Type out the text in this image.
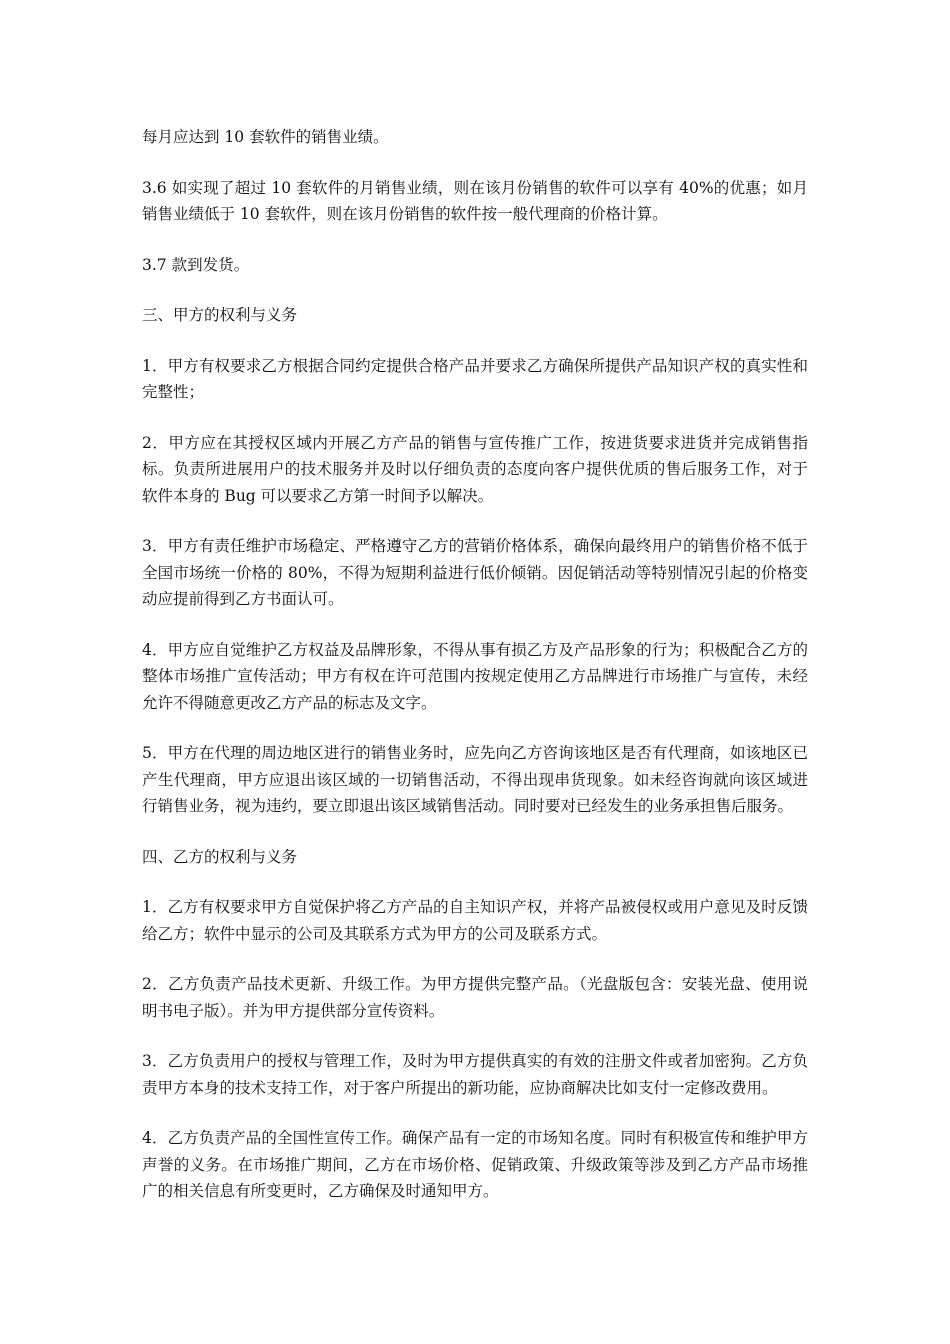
每月应达到 10 套软件的销售业绩。

3.6 如实现了超过 10 套软件的月销售业绩，则在该月份销售的软件可以享有 40%的优惠；如月销售业绩低于 10 套软件，则在该月份销售的软件按一般代理商的价格计算。

3.7 款到发货。

三、甲方的权利与义务

1．甲方有权要求乙方根据合同约定提供合格产品并要求乙方确保所提供产品知识产权的真实性和完整性；

2．甲方应在其授权区域内开展乙方产品的销售与宣传推广工作，按进货要求进货并完成销售指标。负责所进展用户的技术服务并及时以仔细负责的态度向客户提供优质的售后服务工作，对于软件本身的 Bug 可以要求乙方第一时间予以解决。

3．甲方有责任维护市场稳定、严格遵守乙方的营销价格体系，确保向最终用户的销售价格不低于全国市场统一价格的 80%，不得为短期利益进行低价倾销。因促销活动等特别情况引起的价格变动应提前得到乙方书面认可。

4．甲方应自觉维护乙方权益及品牌形象，不得从事有损乙方及产品形象的行为；积极配合乙方的整体市场推广宣传活动；甲方有权在许可范围内按规定使用乙方品牌进行市场推广与宣传，未经允许不得随意更改乙方产品的标志及文字。

5．甲方在代理的周边地区进行的销售业务时，应先向乙方咨询该地区是否有代理商，如该地区已产生代理商，甲方应退出该区域的一切销售活动，不得出现串货现象。如未经咨询就向该区域进行销售业务，视为违约，要立即退出该区域销售活动。同时要对已经发生的业务承担售后服务。

四、乙方的权利与义务

1．乙方有权要求甲方自觉保护将乙方产品的自主知识产权，并将产品被侵权或用户意见及时反馈给乙方；软件中显示的公司及其联系方式为甲方的公司及联系方式。

2．乙方负责产品技术更新、升级工作。为甲方提供完整产品。（光盘版包含：安装光盘、使用说明书电子版）。并为甲方提供部分宣传资料。

3．乙方负责用户的授权与管理工作，及时为甲方提供真实的有效的注册文件或者加密狗。乙方负责甲方本身的技术支持工作，对于客户所提出的新功能，应协商解决比如支付一定修改费用。

4．乙方负责产品的全国性宣传工作。确保产品有一定的市场知名度。同时有积极宣传和维护甲方声誉的义务。在市场推广期间，乙方在市场价格、促销政策、升级政策等涉及到乙方产品市场推广的相关信息有所变更时，乙方确保及时通知甲方。
